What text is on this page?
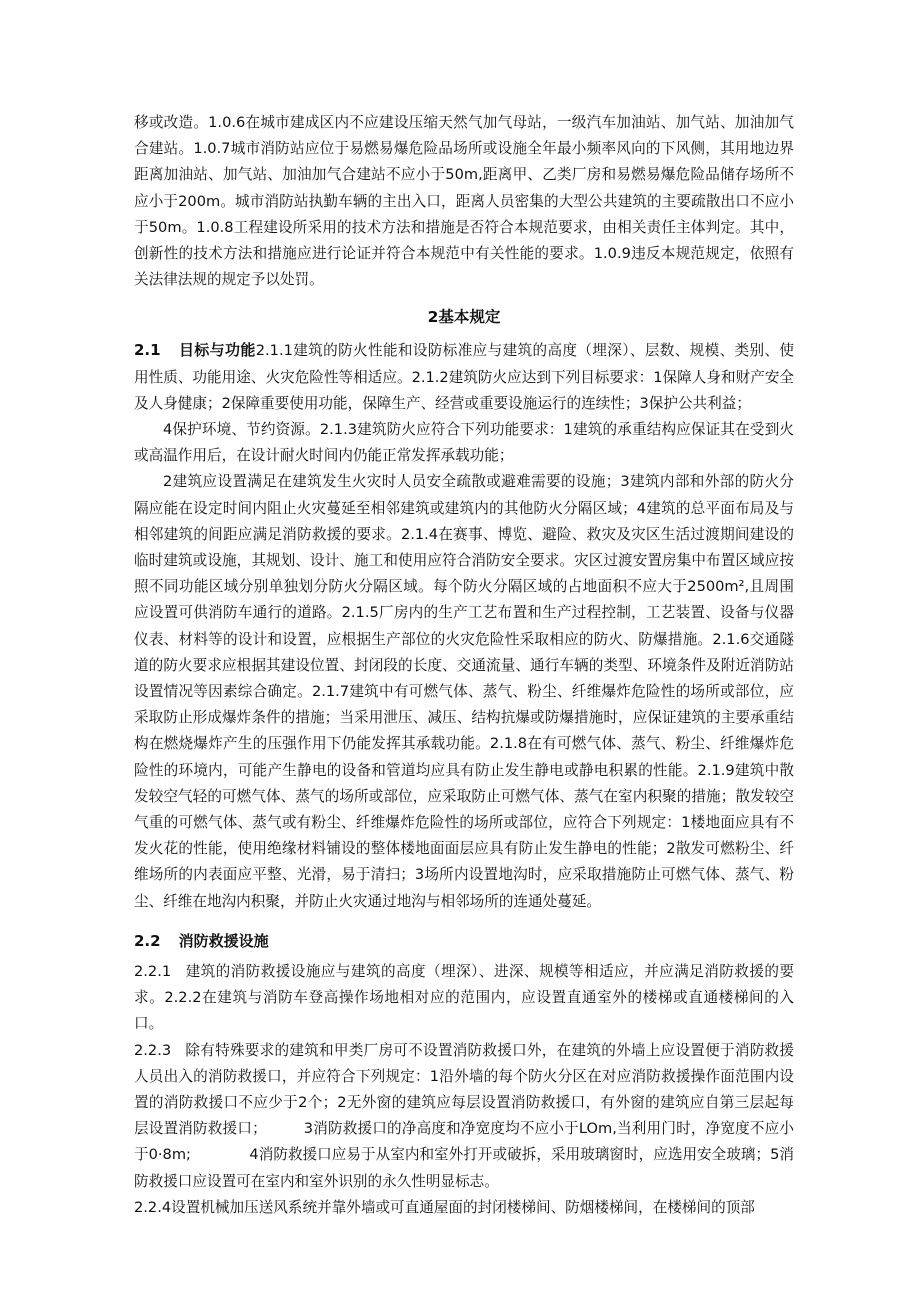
移或改造。1.0.6在城市建成区内不应建设压缩天然气加气母站，一级汽车加油站、加气站、加油加气合建站。1.0.7城市消防站应位于易燃易爆危险品场所或设施全年最小频率风向的下风侧，其用地边界距离加油站、加气站、加油加气合建站不应小于50m,距离甲、乙类厂房和易燃易爆危险品储存场所不应小于200m。城市消防站执勤车辆的主出入口，距离人员密集的大型公共建筑的主要疏散出口不应小于50m。1.0.8工程建设所采用的技术方法和措施是否符合本规范要求，由相关责任主体判定。其中，创新性的技术方法和措施应进行论证并符合本规范中有关性能的要求。1.0.9违反本规范规定，依照有关法律法规的规定予以处罚。

2基本规定

2.1 目标与功能2.1.1建筑的防火性能和设防标准应与建筑的高度（埋深）、层数、规模、类别、使用性质、功能用途、火灾危险性等相适应。2.1.2建筑防火应达到下列目标要求：1保障人身和财产安全及人身健康；2保障重要使用功能，保障生产、经营或重要设施运行的连续性；3保护公共利益；

4保护环境、节约资源。2.1.3建筑防火应符合下列功能要求：1建筑的承重结构应保证其在受到火或高温作用后，在设计耐火时间内仍能正常发挥承载功能；

2建筑应设置满足在建筑发生火灾时人员安全疏散或避难需要的设施；3建筑内部和外部的防火分隔应能在设定时间内阻止火灾蔓延至相邻建筑或建筑内的其他防火分隔区域；4建筑的总平面布局及与相邻建筑的间距应满足消防救援的要求。2.1.4在赛事、博览、避险、救灾及灾区生活过渡期间建设的临时建筑或设施，其规划、设计、施工和使用应符合消防安全要求。灾区过渡安置房集中布置区域应按照不同功能区域分别单独划分防火分隔区域。每个防火分隔区域的占地面积不应大于2500m²,且周围应设置可供消防车通行的道路。2.1.5厂房内的生产工艺布置和生产过程控制，工艺装置、设备与仪器仪表、材料等的设计和设置，应根据生产部位的火灾危险性采取相应的防火、防爆措施。2.1.6交通隧道的防火要求应根据其建设位置、封闭段的长度、交通流量、通行车辆的类型、环境条件及附近消防站设置情况等因素综合确定。2.1.7建筑中有可燃气体、蒸气、粉尘、纤维爆炸危险性的场所或部位，应采取防止形成爆炸条件的措施；当采用泄压、减压、结构抗爆或防爆措施时，应保证建筑的主要承重结构在燃烧爆炸产生的压强作用下仍能发挥其承载功能。2.1.8在有可燃气体、蒸气、粉尘、纤维爆炸危险性的环境内，可能产生静电的设备和管道均应具有防止发生静电或静电积累的性能。2.1.9建筑中散发较空气轻的可燃气体、蒸气的场所或部位，应采取防止可燃气体、蒸气在室内积聚的措施；散发较空气重的可燃气体、蒸气或有粉尘、纤维爆炸危险性的场所或部位，应符合下列规定：1楼地面应具有不发火花的性能，使用绝缘材料铺设的整体楼地面面层应具有防止发生静电的性能；2散发可燃粉尘、纤维场所的内表面应平整、光滑，易于清扫；3场所内设置地沟时，应采取措施防止可燃气体、蒸气、粉尘、纤维在地沟内积聚，并防止火灾通过地沟与相邻场所的连通处蔓延。

2.2 消防救援设施

2.2.1 建筑的消防救援设施应与建筑的高度（埋深）、进深、规模等相适应，并应满足消防救援的要求。2.2.2在建筑与消防车登高操作场地相对应的范围内，应设置直通室外的楼梯或直通楼梯间的入口。

2.2.3 除有特殊要求的建筑和甲类厂房可不设置消防救援口外，在建筑的外墙上应设置便于消防救援人员出入的消防救援口，并应符合下列规定：1沿外墙的每个防火分区在对应消防救援操作面范围内设置的消防救援口不应少于2个；2无外窗的建筑应每层设置消防救援口，有外窗的建筑应自第三层起每层设置消防救援口；　　　3消防救援口的净高度和净宽度均不应小于LOm,当利用门时，净宽度不应小于0·8m;　　　　4消防救援口应易于从室内和室外打开或破拆，采用玻璃窗时，应选用安全玻璃；5消防救援口应设置可在室内和室外识别的永久性明显标志。

2.2.4设置机械加压送风系统并靠外墙或可直通屋面的封闭楼梯间、防烟楼梯间，在楼梯间的顶部
